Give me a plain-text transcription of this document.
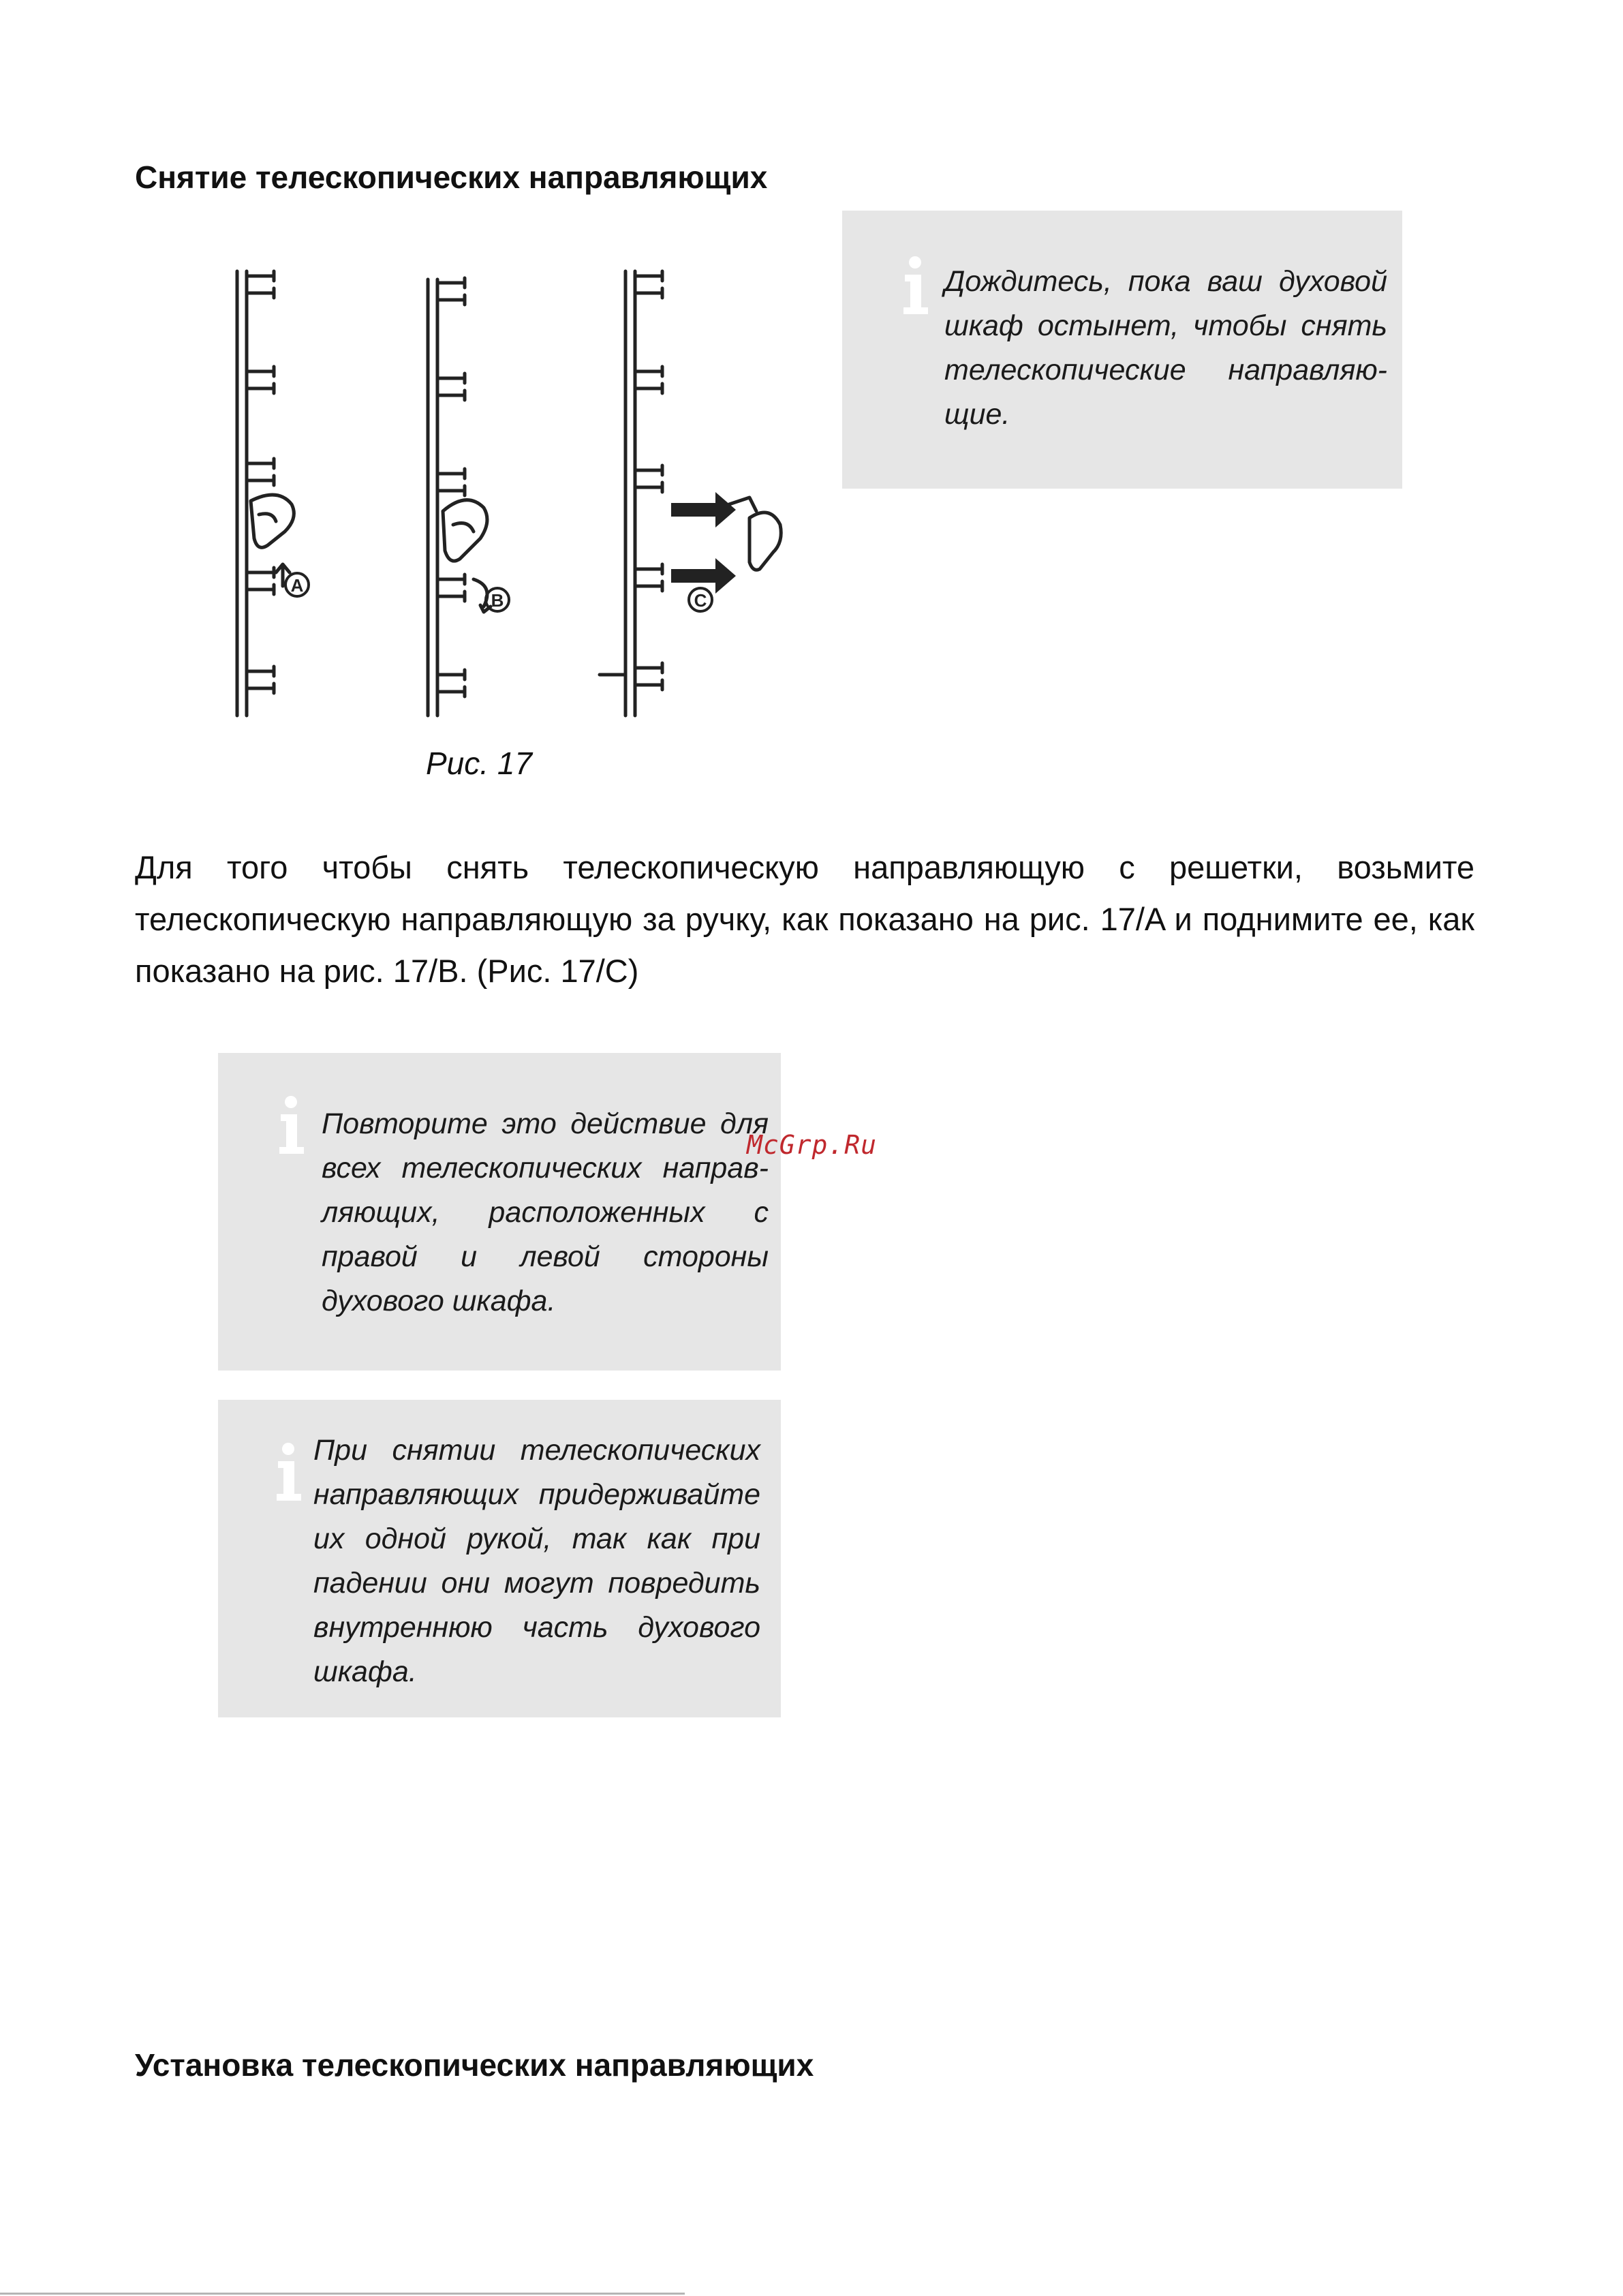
Снятие телескопических направляющих
A
B	C
Рис. 17
Дождитесь, пока ваш духовой шкаф остынет, чтобы снять телескопические направляю-щие.
Для того чтобы снять телескопическую направляющую с решетки, возьмите телескопическую направляющую за ручку, как показано на рис. 17/A и поднимите ее, как показано на рис. 17/B. (Рис. 17/C)
Повторите это действие для всех телескопических направ-ляющих, расположенных с правой и левой стороны духового шкафа.
McGrp.Ru
При снятии телескопических направляющих придерживайте их одной рукой, так как при падении они могут повредить внутреннюю часть духового шкафа.
Установка телескопических направляющих
